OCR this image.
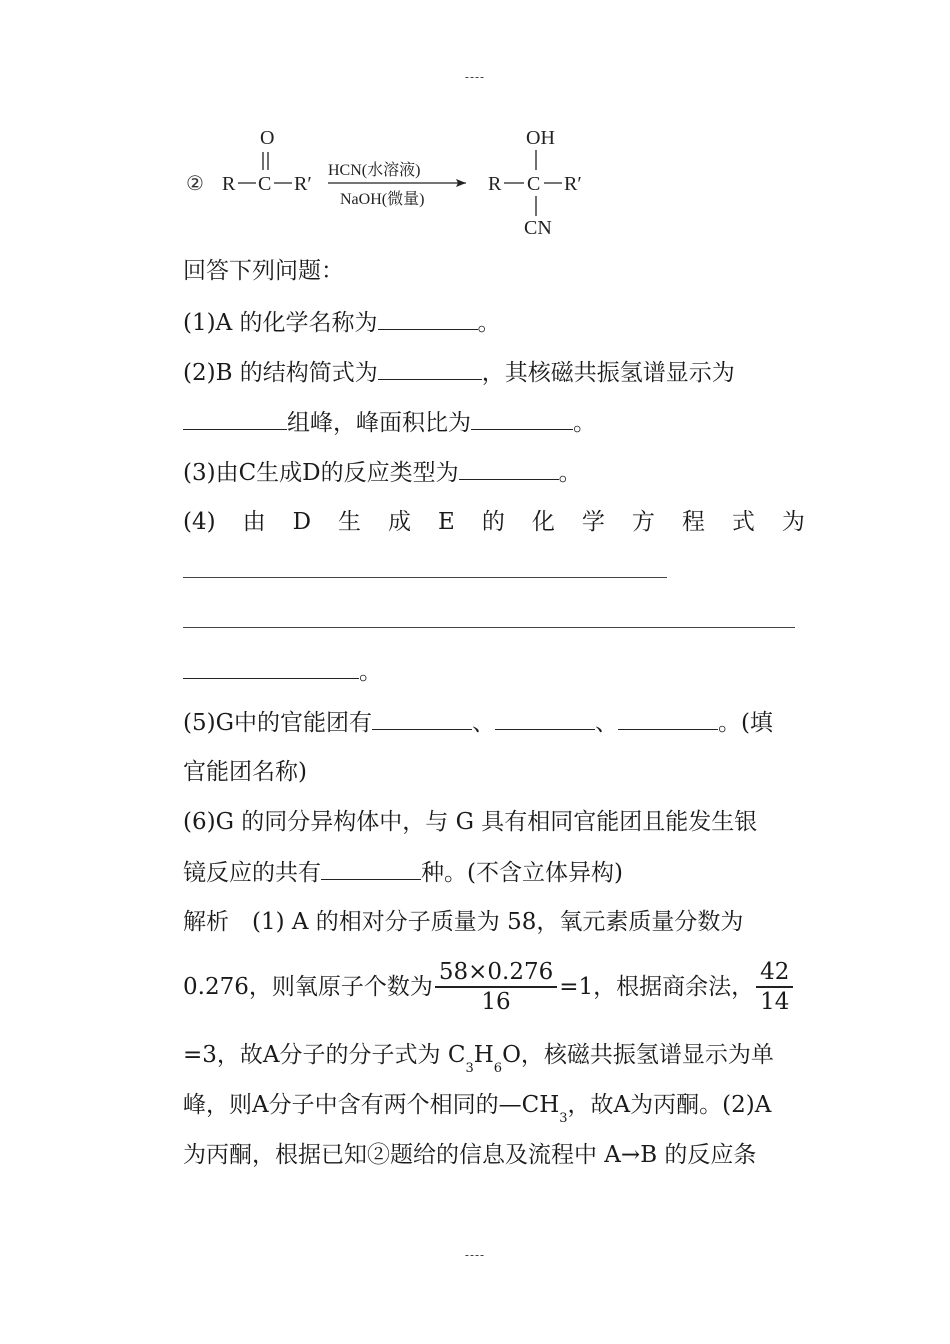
----
②
O
R C R′
HCN(水溶液)
NaOH(微量)
OH
R C R′
CN
回答下列问题：
(1)A 的化学名称为	。
(2)B 的结构简式为	，其核磁共振氢谱显示为
组峰，峰面积比为	。
(3)由C生成D的反应类型为	。
(4) 由 D 生 成 E 的 化 学 方 程 式 为
。
(5)G中的官能团有	、	、	。(填
官能团名称)
(6)G 的同分异构体中，与 G 具有相同官能团且能发生银
镜反应的共有	种。(不含立体异构)
解析　(1) A 的相对分子质量为 58，氧元素质量分数为
0.276，则氧原子个数为 $\frac{58\times 0.276}{16} =1$，根据商余法， $\frac{42}{14}$
=3，故A分子的分子式为 $C_3H_6O$，核磁共振氢谱显示为单
峰，则A分子中含有两个相同的$—CH_3$，故A为丙酮。(2)A
为丙酮，根据已知②题给的信息及流程中 A→B 的反应条
----
